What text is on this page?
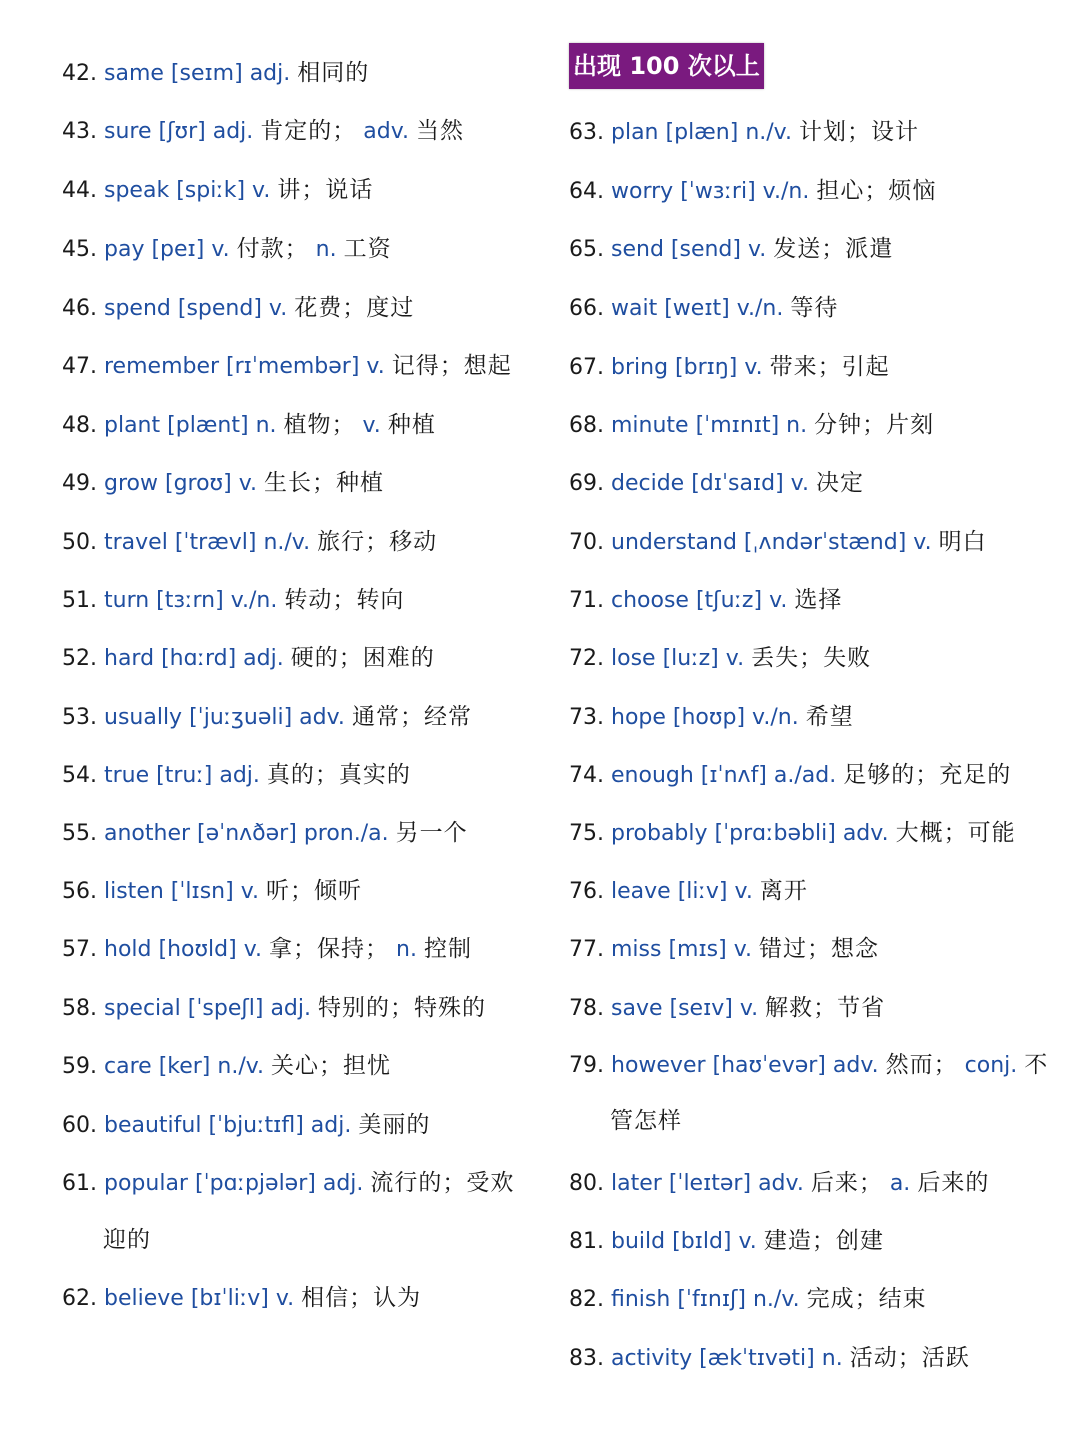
42. same [seɪm] adj. 相同的
43. sure [ʃʊr] adj. 肯定的； adv. 当然
44. speak [spiːk] v. 讲；说话
45. pay [peɪ] v. 付款； n. 工资
46. spend [spend] v. 花费；度过
47. remember [rɪˈmembər] v. 记得；想起
48. plant [plænt] n. 植物； v. 种植
49. grow [groʊ] v. 生长；种植
50. travel [ˈtrævl] n./v. 旅行；移动
51. turn [tɜːrn] v./n. 转动；转向
52. hard [hɑːrd] adj. 硬的；困难的
53. usually [ˈjuːʒuəli] adv. 通常；经常
54. true [truː] adj. 真的；真实的
55. another [əˈnʌðər] pron./a. 另一个
56. listen [ˈlɪsn] v. 听；倾听
57. hold [hoʊld] v. 拿；保持； n. 控制
58. special [ˈspeʃl] adj. 特别的；特殊的
59. care [ker] n./v. 关心；担忧
60. beautiful [ˈbjuːtɪfl] adj. 美丽的
61. popular [ˈpɑːpjələr] adj. 流行的；受欢
迎的
62. believe [bɪˈliːv] v. 相信；认为
出现 100 次以上
63. plan [plæn] n./v. 计划；设计
64. worry [ˈwɜːri] v./n. 担心；烦恼
65. send [send] v. 发送；派遣
66. wait [weɪt] v./n. 等待
67. bring [brɪŋ] v. 带来；引起
68. minute [ˈmɪnɪt] n. 分钟；片刻
69. decide [dɪˈsaɪd] v. 决定
70. understand [ˌʌndərˈstænd] v. 明白
71. choose [tʃuːz] v. 选择
72. lose [luːz] v. 丢失；失败
73. hope [hoʊp] v./n. 希望
74. enough [ɪˈnʌf] a./ad. 足够的；充足的
75. probably [ˈprɑːbəbli] adv. 大概；可能
76. leave [liːv] v. 离开
77. miss [mɪs] v. 错过；想念
78. save [seɪv] v. 解救；节省
79. however [haʊˈevər] adv. 然而； conj. 不
管怎样
80. later [ˈleɪtər] adv. 后来； a. 后来的
81. build [bɪld] v. 建造；创建
82. finish [ˈfɪnɪʃ] n./v. 完成；结束
83. activity [ækˈtɪvəti] n. 活动；活跃
